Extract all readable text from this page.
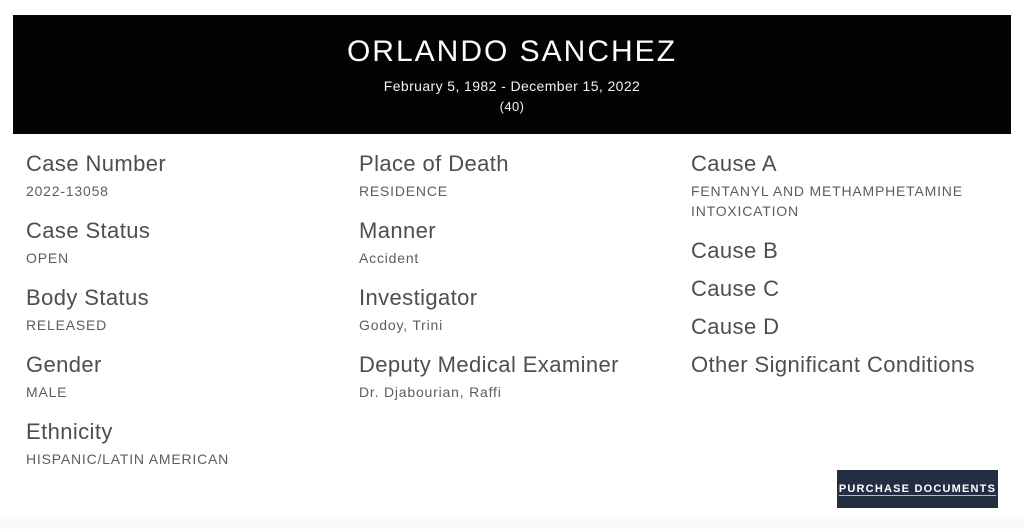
ORLANDO SANCHEZ
February 5, 1982 - December 15, 2022
(40)
Case Number
2022-13058
Case Status
OPEN
Body Status
RELEASED
Gender
MALE
Ethnicity
HISPANIC/LATIN AMERICAN
Place of Death
RESIDENCE
Manner
Accident
Investigator
Godoy, Trini
Deputy Medical Examiner
Dr. Djabourian, Raffi
Cause A
FENTANYL AND METHAMPHETAMINE INTOXICATION
Cause B
Cause C
Cause D
Other Significant Conditions
PURCHASE DOCUMENTS
